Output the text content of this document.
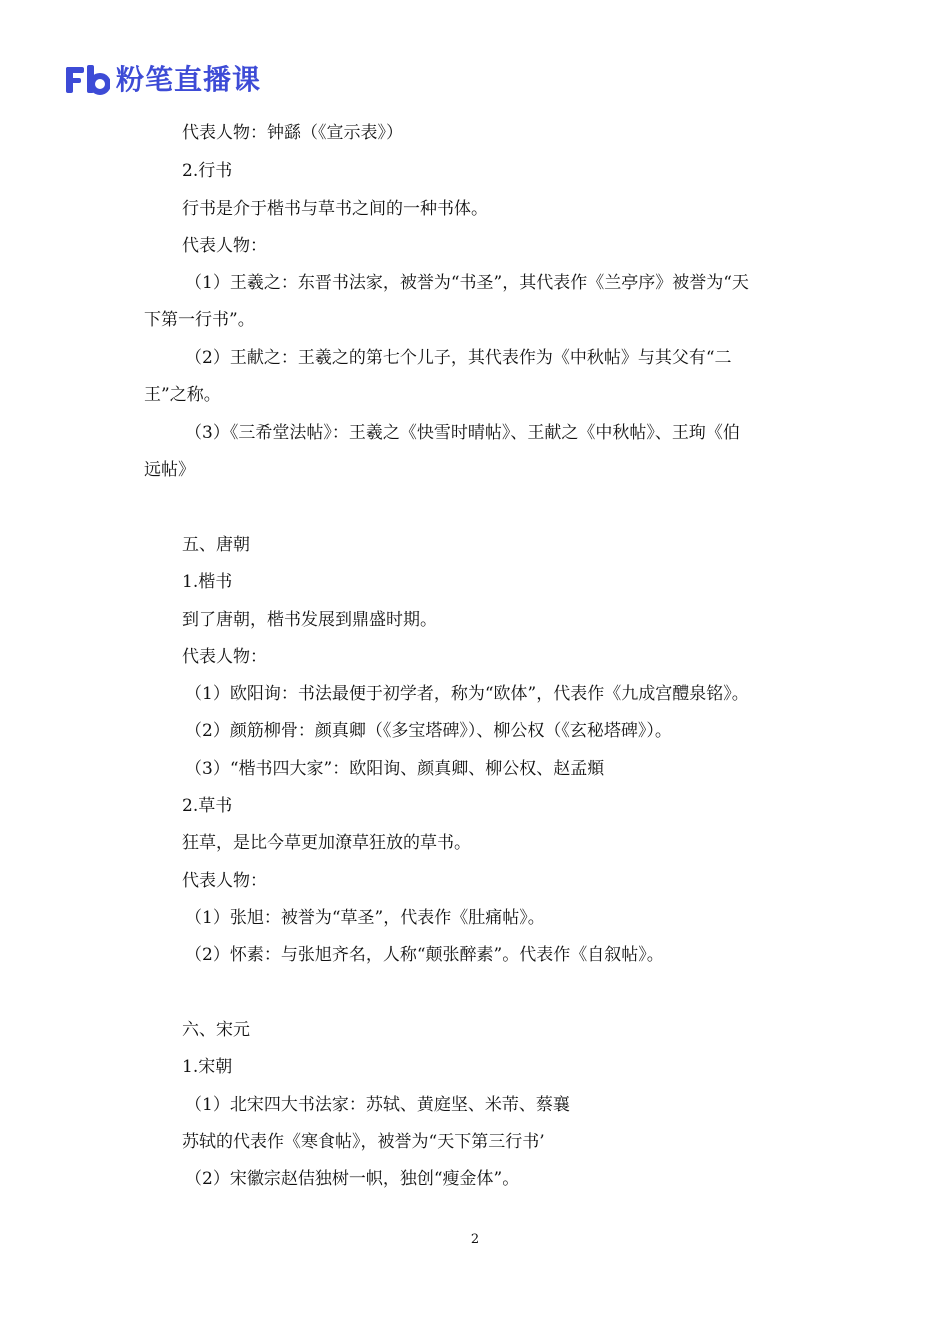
粉笔直播课
代表人物：钟繇（《宣示表》）
2.行书
行书是介于楷书与草书之间的一种书体。
代表人物：
（1）王羲之：东晋书法家，被誉为“书圣”，其代表作《兰亭序》被誉为“天
下第一行书”。
（2）王献之：王羲之的第七个儿子，其代表作为《中秋帖》与其父有“二
王”之称。
（3）《三希堂法帖》：王羲之《快雪时晴帖》、王献之《中秋帖》、王珣《伯
远帖》
五、唐朝
1.楷书
到了唐朝，楷书发展到鼎盛时期。
代表人物：
（1）欧阳询：书法最便于初学者，称为“欧体”，代表作《九成宫醴泉铭》。
（2）颜筋柳骨：颜真卿（《多宝塔碑》）、柳公权（《玄秘塔碑》）。
（3）“楷书四大家”：欧阳询、颜真卿、柳公权、赵孟頫
2.草书
狂草，是比今草更加潦草狂放的草书。
代表人物：
（1）张旭：被誉为“草圣”，代表作《肚痛帖》。
（2）怀素：与张旭齐名，人称“颠张醉素”。代表作《自叙帖》。
六、宋元
1.宋朝
（1）北宋四大书法家：苏轼、黄庭坚、米芾、蔡襄
苏轼的代表作《寒食帖》，被誉为“天下第三行书’
（2）宋徽宗赵佶独树一帜，独创“瘦金体”。
2
